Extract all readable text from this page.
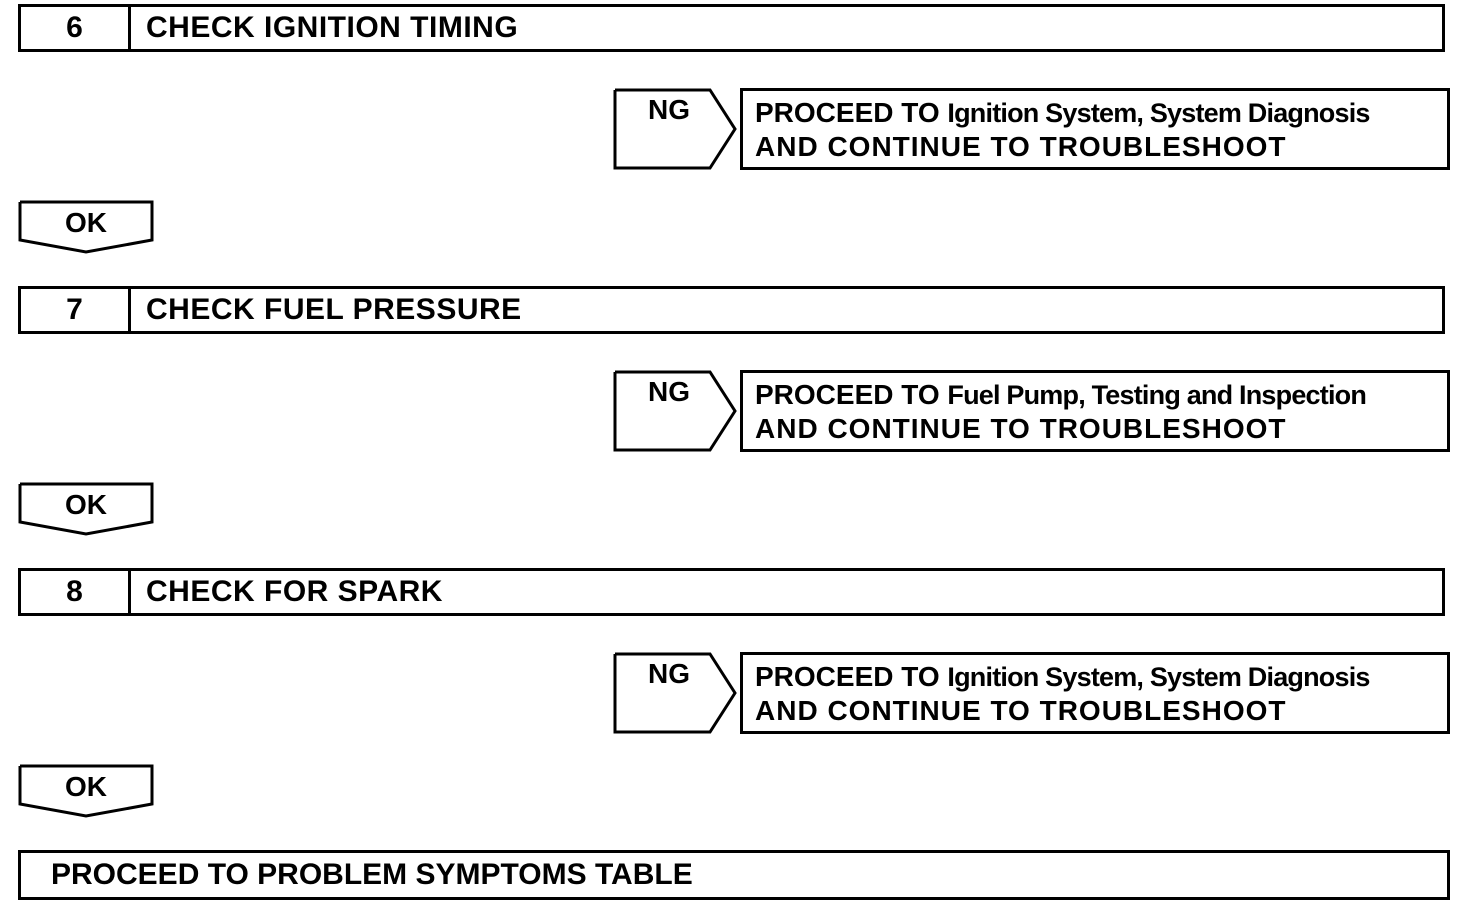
6	CHECK IGNITION TIMING
NG PROCEED TO Ignition System, System Diagnosis
AND CONTINUE TO TROUBLESHOOT
OK
7	CHECK FUEL PRESSURE
NG PROCEED TO Fuel Pump, Testing and Inspection
AND CONTINUE TO TROUBLESHOOT
OK
8	CHECK FOR SPARK
NG PROCEED TO Ignition System, System Diagnosis
AND CONTINUE TO TROUBLESHOOT
OK
PROCEED TO PROBLEM SYMPTOMS TABLE
